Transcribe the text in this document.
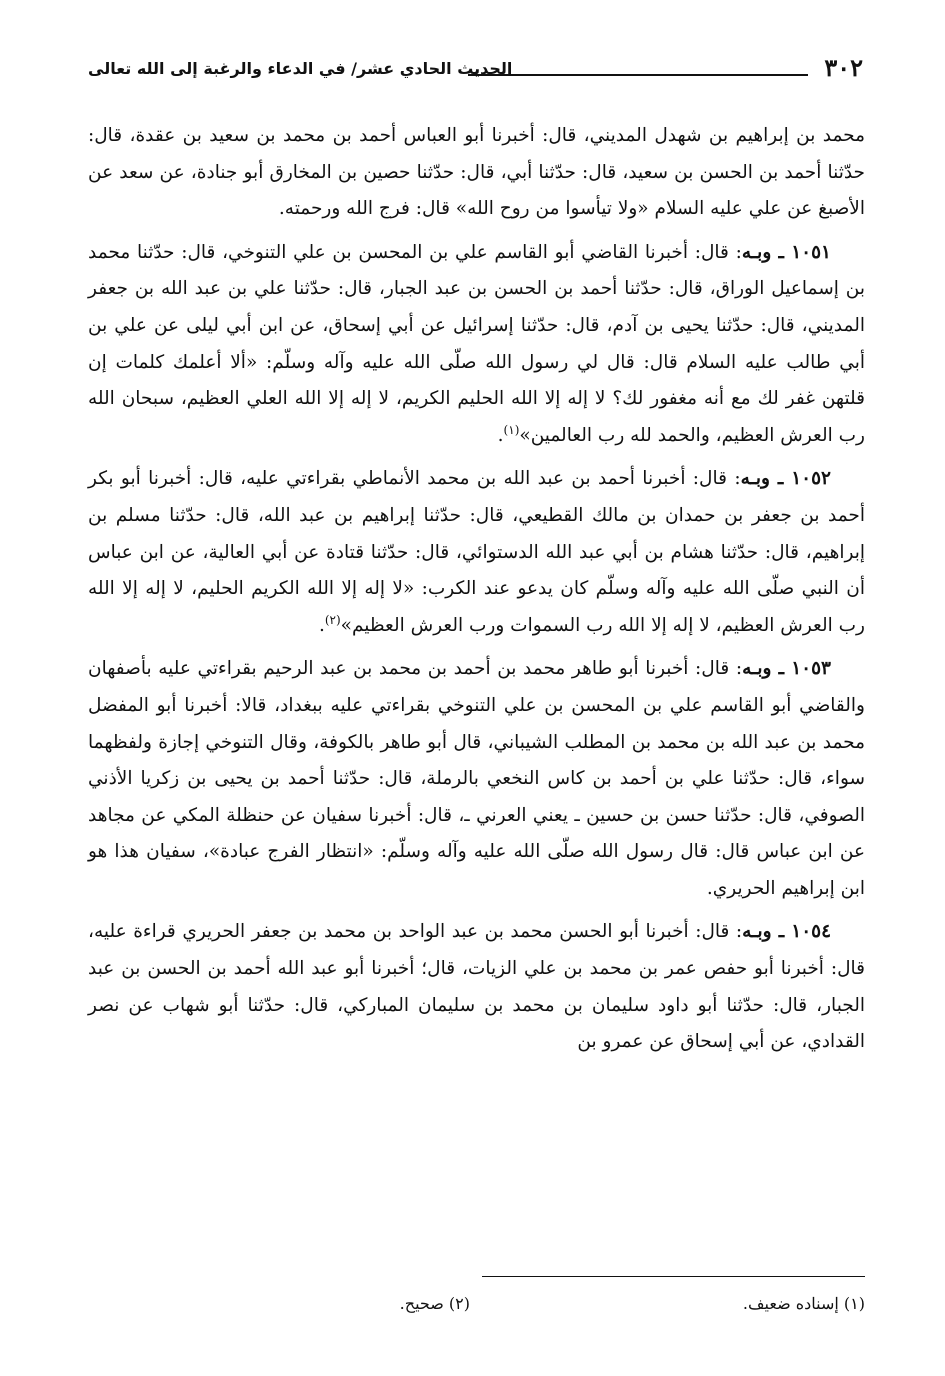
٣٠٢
الحديث الحادي عشر/ في الدعاء والرغبة إلى الله تعالى

محمد بن إبراهيم بن شهدل المديني، قال: أخبرنا أبو العباس أحمد بن محمد بن سعيد بن عقدة، قال: حدّثنا أحمد بن الحسن بن سعيد، قال: حدّثنا أبي، قال: حدّثنا حصين بن المخارق أبو جنادة، عن سعد عن الأصبغ عن علي عليه السلام «ولا تيأسوا من روح الله» قال: فرج الله ورحمته.

١٠٥١ ـ وبـه: قال: أخبرنا القاضي أبو القاسم علي بن المحسن بن علي التنوخي، قال: حدّثنا محمد بن إسماعيل الوراق، قال: حدّثنا أحمد بن الحسن بن عبد الجبار، قال: حدّثنا علي بن عبد الله بن جعفر المديني، قال: حدّثنا يحيى بن آدم، قال: حدّثنا إسرائيل عن أبي إسحاق، عن ابن أبي ليلى عن علي بن أبي طالب عليه السلام قال: قال لي رسول الله صلّى الله عليه وآله وسلّم: «ألا أعلمك كلمات إن قلتهن غفر لك مع أنه مغفور لك؟ لا إله إلا الله الحليم الكريم، لا إله إلا الله العلي العظيم، سبحان الله رب العرش العظيم، والحمد لله رب العالمين»$^{(١)}$.

١٠٥٢ ـ وبـه: قال: أخبرنا أحمد بن عبد الله بن محمد الأنماطي بقراءتي عليه، قال: أخبرنا أبو بكر أحمد بن جعفر بن حمدان بن مالك القطيعي، قال: حدّثنا إبراهيم بن عبد الله، قال: حدّثنا مسلم بن إبراهيم، قال: حدّثنا هشام بن أبي عبد الله الدستوائي، قال: حدّثنا قتادة عن أبي العالية، عن ابن عباس أن النبي صلّى الله عليه وآله وسلّم كان يدعو عند الكرب: «لا إله إلا الله الكريم الحليم، لا إله إلا الله رب العرش العظيم، لا إله إلا الله رب السموات ورب العرش العظيم»$^{(٢)}$.

١٠٥٣ ـ وبـه: قال: أخبرنا أبو طاهر محمد بن أحمد بن محمد بن عبد الرحيم بقراءتي عليه بأصفهان والقاضي أبو القاسم علي بن المحسن بن علي التنوخي بقراءتي عليه ببغداد، قالا: أخبرنا أبو المفضل محمد بن عبد الله بن محمد بن المطلب الشيباني، قال أبو طاهر بالكوفة، وقال التنوخي إجازة ولفظهما سواء، قال: حدّثنا علي بن أحمد بن كاس النخعي بالرملة، قال: حدّثنا أحمد بن يحيى بن زكريا الأذني الصوفي، قال: حدّثنا حسن بن حسين ـ يعني العرني ـ، قال: أخبرنا سفيان عن حنظلة المكي عن مجاهد عن ابن عباس قال: قال رسول الله صلّى الله عليه وآله وسلّم: «انتظار الفرج عبادة»، سفيان هذا هو ابن إبراهيم الحريري.

١٠٥٤ ـ وبـه: قال: أخبرنا أبو الحسن محمد بن عبد الواحد بن محمد بن جعفر الحريري قراءة عليه، قال: أخبرنا أبو حفص عمر بن محمد بن علي الزيات، قال؛ أخبرنا أبو عبد الله أحمد بن الحسن بن عبد الجبار، قال: حدّثنا أبو داود سليمان بن محمد بن سليمان المباركي، قال: حدّثنا أبو شهاب عن نصر القدادي، عن أبي إسحاق عن عمرو بن

(١) إسناده ضعيف.
(٢) صحيح.
